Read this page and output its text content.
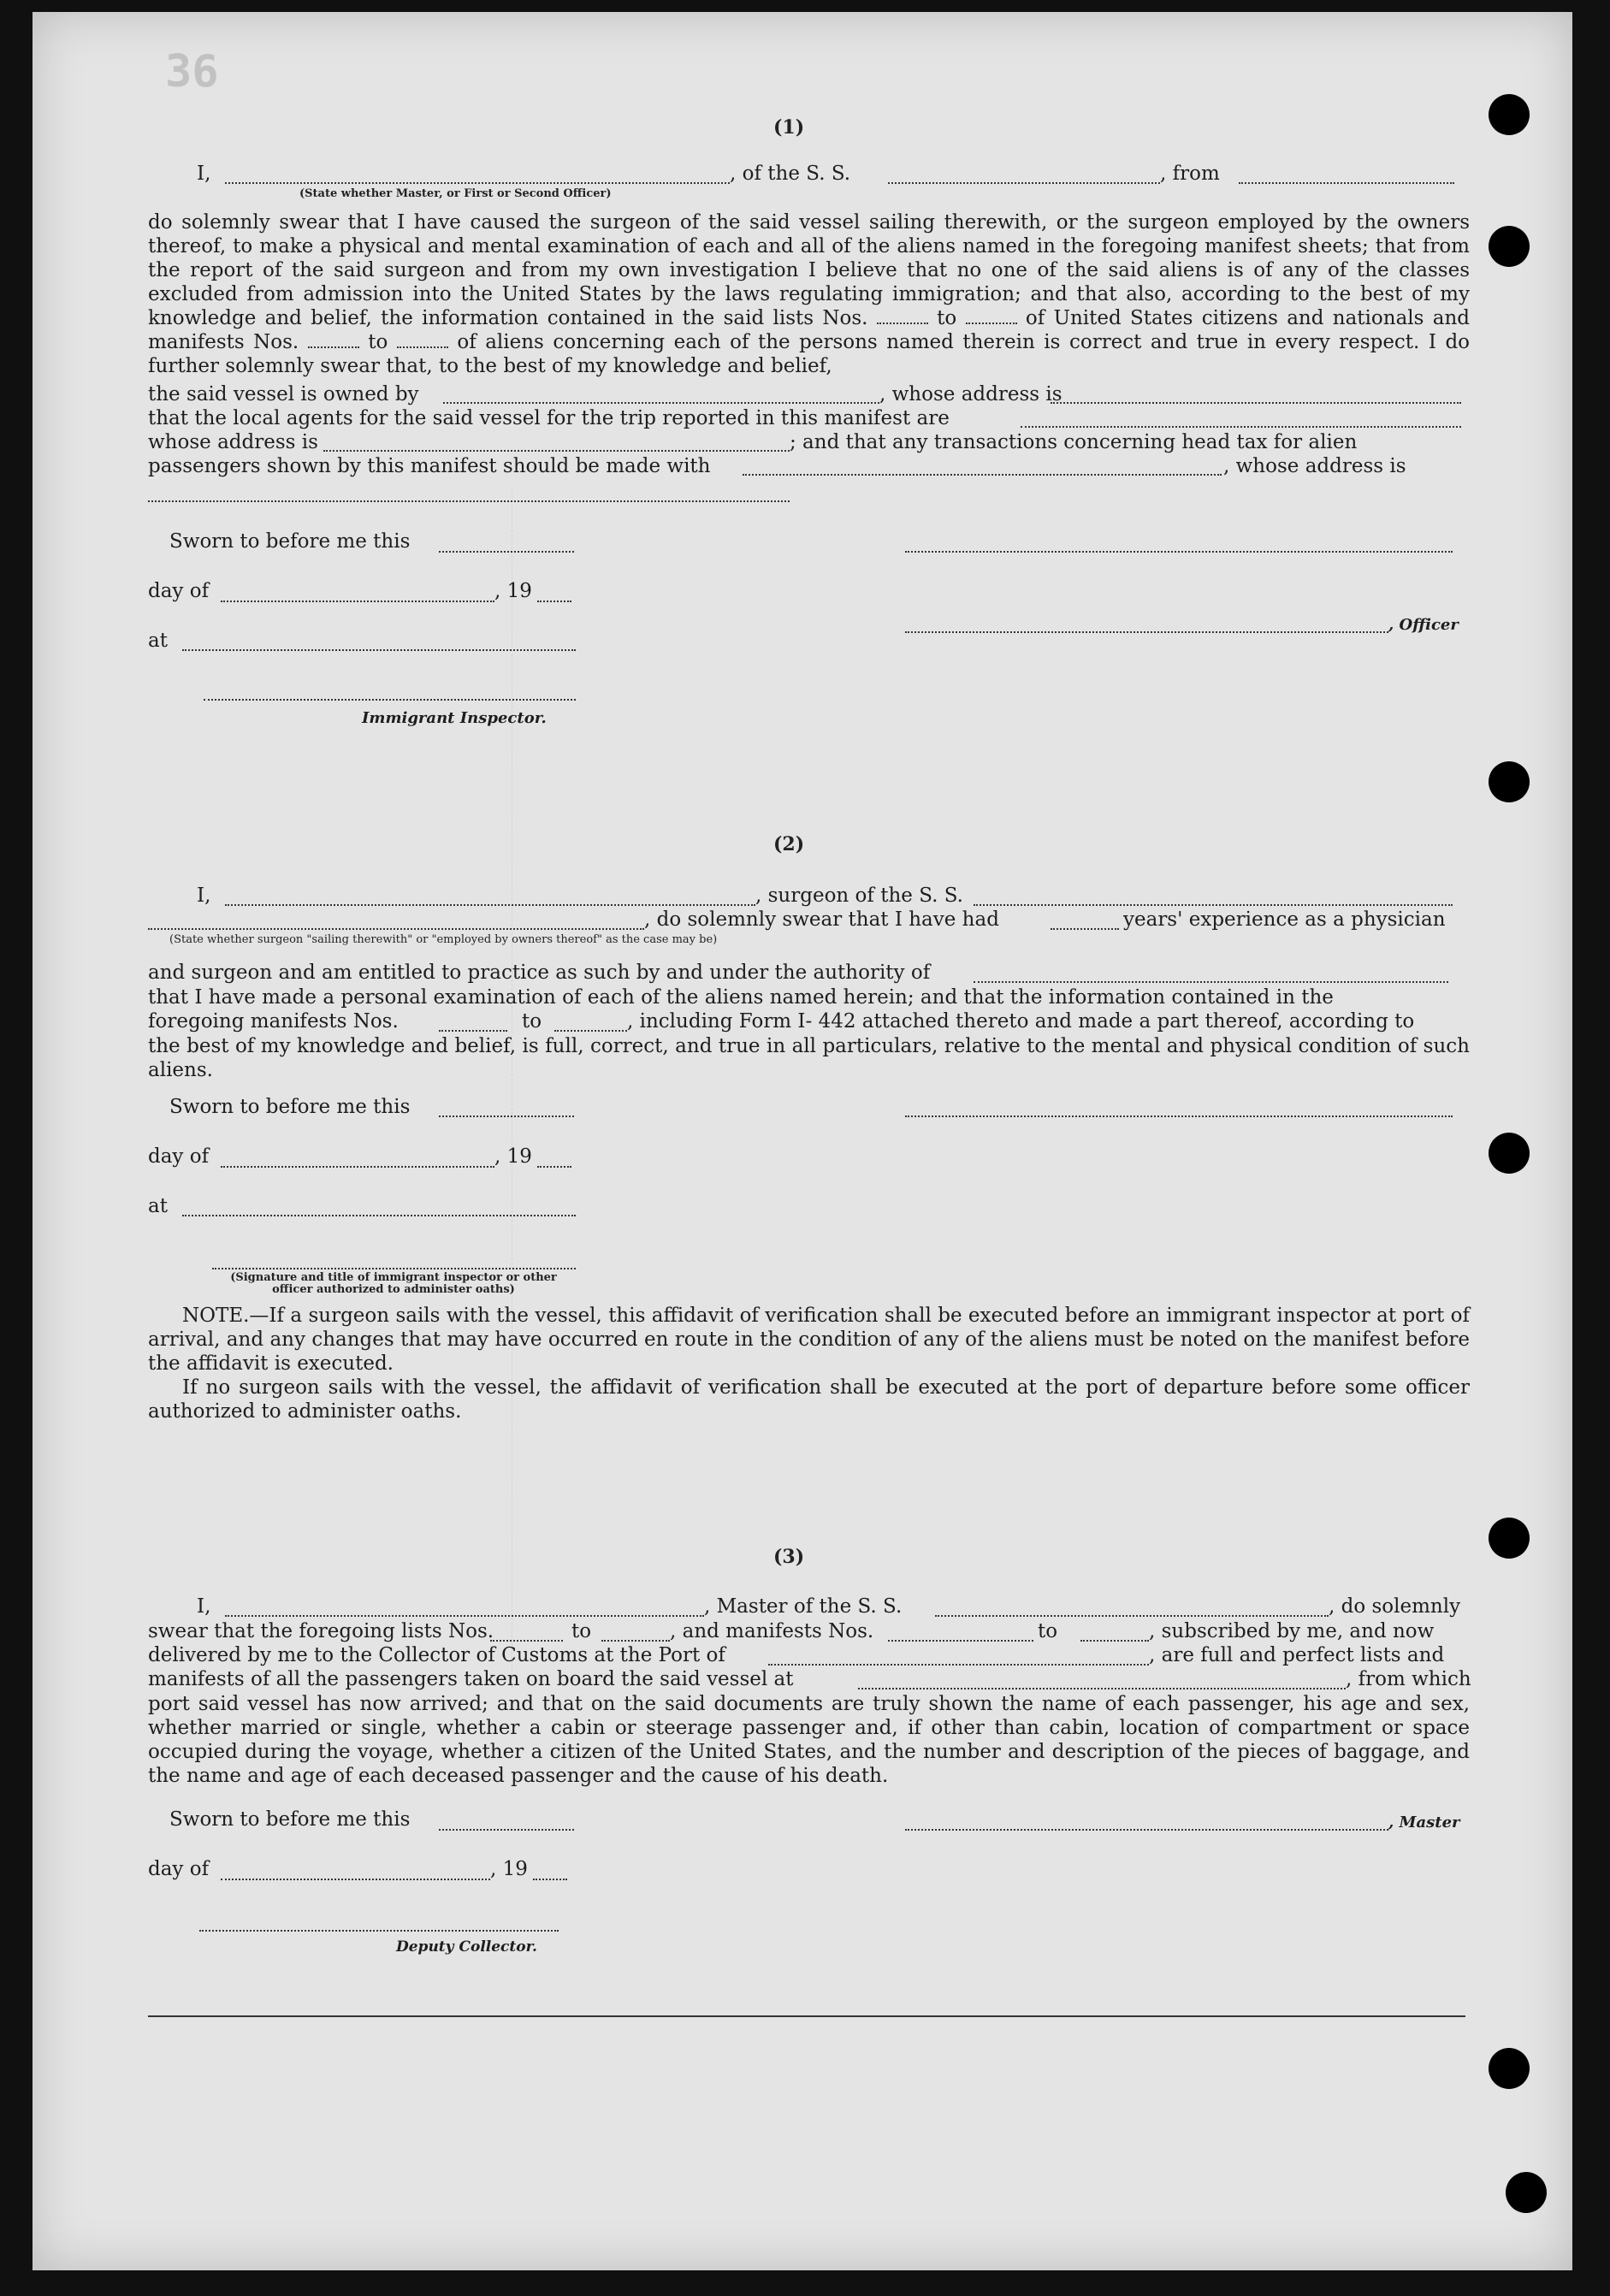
36
(1)
I,	, of the S. S.	, from
(State whether Master, or First or Second Officer)
do solemnly swear that I have caused the surgeon of the said vessel sailing therewith, or the surgeon employed by the owners thereof, to make a physical and mental examination of each and all of the aliens named in the foregoing manifest sheets; that from the report of the said surgeon and from my own investigation I believe that no one of the said aliens is of any of the classes excluded from admission into the United States by the laws regulating immigration; and that also, according to the best of my knowledge and belief, the information contained in the said lists Nos.	to	of United States citizens and nationals and manifests Nos.	to	of aliens concerning each of the persons named therein is correct and true in every respect. I do further solemnly swear that, to the best of my knowledge and belief,
the said vessel is owned by	, whose address is
that the local agents for the said vessel for the trip reported in this manifest are
whose address is	; and that any transactions concerning head tax for alien
passengers shown by this manifest should be made with	, whose address is
Sworn to before me this
day of	, 19
, Officer
at
Immigrant Inspector.
(2)
I,	, surgeon of the S. S.
, do solemnly swear that I have had	years' experience as a physician
(State whether surgeon "sailing therewith" or "employed by owners thereof" as the case may be)
and surgeon and am entitled to practice as such by and under the authority of
that I have made a personal examination of each of the aliens named herein; and that the information contained in the
foregoing manifests Nos.	to	, including Form I- 442 attached thereto and made a part thereof, according to
the best of my knowledge and belief, is full, correct, and true in all particulars, relative to the mental and physical condition of such aliens.
Sworn to before me this
day of	, 19
at
(Signature and title of immigrant inspector or other officer authorized to administer oaths)
NOTE.—If a surgeon sails with the vessel, this affidavit of verification shall be executed before an immigrant inspector at port of arrival, and any changes that may have occurred en route in the condition of any of the aliens must be noted on the manifest before the affidavit is executed.
If no surgeon sails with the vessel, the affidavit of verification shall be executed at the port of departure before some officer authorized to administer oaths.
(3)
I,	, Master of the S. S.	, do solemnly
swear that the foregoing lists Nos.	to	, and manifests Nos.	to	, subscribed by me, and now
delivered by me to the Collector of Customs at the Port of	, are full and perfect lists and
manifests of all the passengers taken on board the said vessel at	, from which
port said vessel has now arrived; and that on the said documents are truly shown the name of each passenger, his age and sex, whether married or single, whether a cabin or steerage passenger and, if other than cabin, location of compartment or space occupied during the voyage, whether a citizen of the United States, and the number and description of the pieces of baggage, and the name and age of each deceased passenger and the cause of his death.
Sworn to before me this	, Master
day of	, 19
Deputy Collector.
